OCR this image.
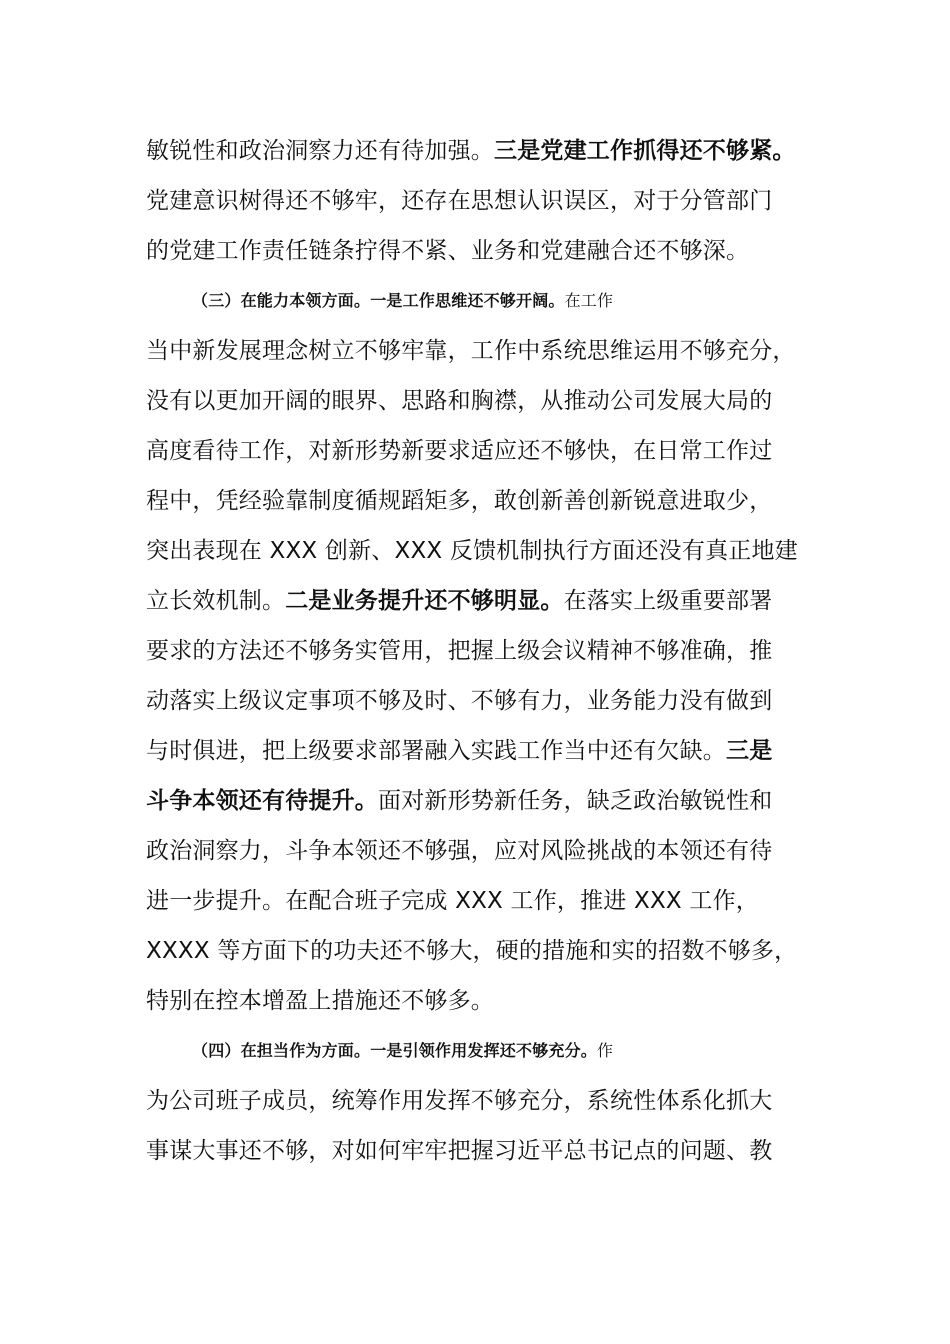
敏锐性和政治洞察力还有待加强。三是党建工作抓得还不够紧。
党建意识树得还不够牢，还存在思想认识误区，对于分管部门
的党建工作责任链条拧得不紧、业务和党建融合还不够深。
（三）在能力本领方面。一是工作思维还不够开阔。在工作
当中新发展理念树立不够牢靠，工作中系统思维运用不够充分，
没有以更加开阔的眼界、思路和胸襟，从推动公司发展大局的
高度看待工作，对新形势新要求适应还不够快，在日常工作过
程中，凭经验靠制度循规蹈矩多，敢创新善创新锐意进取少，
突出表现在 XXX 创新、XXX 反馈机制执行方面还没有真正地建
立长效机制。二是业务提升还不够明显。在落实上级重要部署
要求的方法还不够务实管用，把握上级会议精神不够准确，推
动落实上级议定事项不够及时、不够有力，业务能力没有做到
与时俱进，把上级要求部署融入实践工作当中还有欠缺。三是
斗争本领还有待提升。面对新形势新任务，缺乏政治敏锐性和
政治洞察力，斗争本领还不够强，应对风险挑战的本领还有待
进一步提升。在配合班子完成 XXX 工作，推进 XXX 工作，
XXXX 等方面下的功夫还不够大，硬的措施和实的招数不够多，
特别在控本增盈上措施还不够多。
（四）在担当作为方面。一是引领作用发挥还不够充分。作
为公司班子成员，统筹作用发挥不够充分，系统性体系化抓大
事谋大事还不够，对如何牢牢把握习近平总书记点的问题、教
